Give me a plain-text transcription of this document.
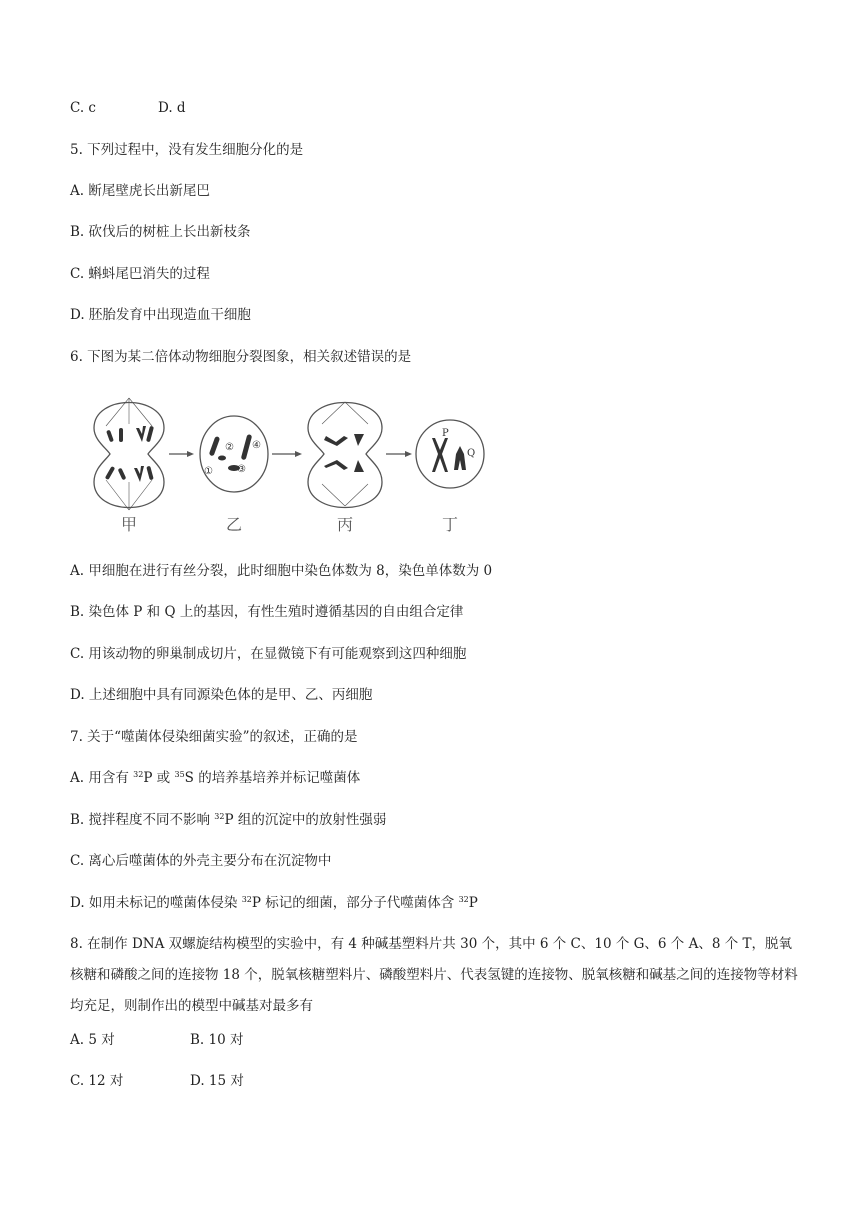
C. c	D. d
5. 下列过程中，没有发生细胞分化的是
A. 断尾壁虎长出新尾巴
B. 砍伐后的树桩上长出新枝条
C. 蝌蚪尾巴消失的过程
D. 胚胎发育中出现造血干细胞
6. 下图为某二倍体动物细胞分裂图象，相关叙述错误的是
①
②
③
④
P
Q
甲	乙	丙	丁
A. 甲细胞在进行有丝分裂，此时细胞中染色体数为 8，染色单体数为 0
B. 染色体 P 和 Q 上的基因，有性生殖时遵循基因的自由组合定律
C. 用该动物的卵巢制成切片，在显微镜下有可能观察到这四种细胞
D. 上述细胞中具有同源染色体的是甲、乙、丙细胞
7. 关于“噬菌体侵染细菌实验”的叙述，正确的是
A. 用含有 $^{32}$P 或 $^{35}$S 的培养基培养并标记噬菌体
B. 搅拌程度不同不影响 $^{32}$P 组的沉淀中的放射性强弱
C. 离心后噬菌体的外壳主要分布在沉淀物中
D. 如用未标记的噬菌体侵染 $^{32}$P 标记的细菌，部分子代噬菌体含 $^{32}$P
8. 在制作 DNA 双螺旋结构模型的实验中，有 4 种碱基塑料片共 30 个，其中 6 个 C、10 个 G、6 个 A、8 个 T，脱氧核糖和磷酸之间的连接物 18 个，脱氧核糖塑料片、磷酸塑料片、代表氢键的连接物、脱氧核糖和碱基之间的连接物等材料均充足，则制作出的模型中碱基对最多有
A. 5 对	B. 10 对
C. 12 对	D. 15 对
